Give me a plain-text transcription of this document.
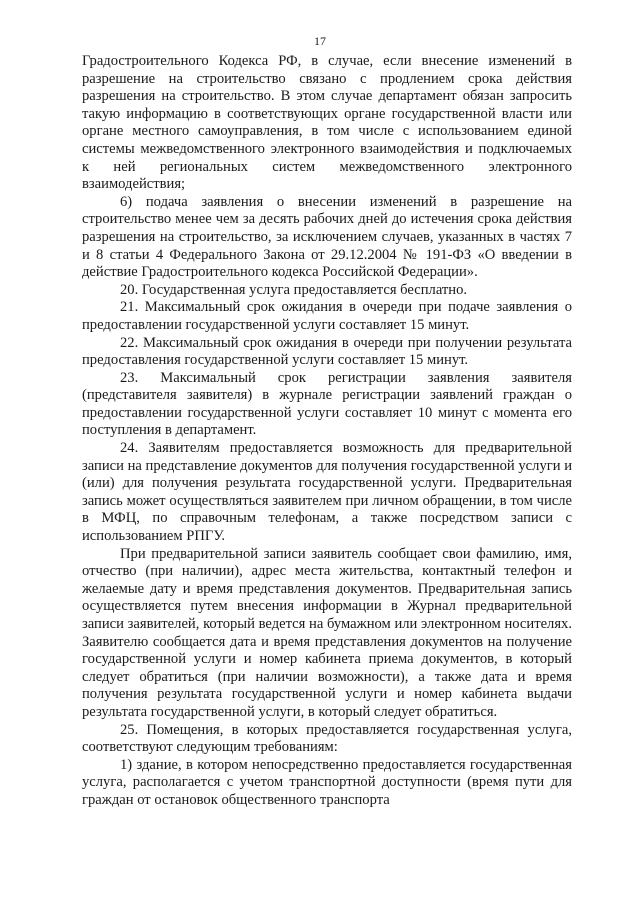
17

Градостроительного Кодекса РФ, в случае, если внесение изменений в разрешение на строительство связано с продлением срока действия разрешения на строительство. В этом случае департамент обязан запросить такую информацию в соответствующих органе государственной власти или органе местного самоуправления, в том числе с использованием единой системы межведомственного электронного взаимодействия и подключаемых к ней региональных систем межведомственного электронного взаимодействия;

6) подача заявления о внесении изменений в разрешение на строительство менее чем за десять рабочих дней до истечения срока действия разрешения на строительство, за исключением случаев, указанных в частях 7 и 8 статьи 4 Федерального Закона от 29.12.2004 № 191-ФЗ «О введении в действие Градостроительного кодекса Российской Федерации».

20. Государственная услуга предоставляется бесплатно.

21. Максимальный срок ожидания в очереди при подаче заявления о предоставлении государственной услуги составляет 15 минут.

22. Максимальный срок ожидания в очереди при получении результата предоставления государственной услуги составляет 15 минут.

23. Максимальный срок регистрации заявления заявителя (представителя заявителя) в журнале регистрации заявлений граждан о предоставлении государственной услуги составляет 10 минут с момента его поступления в департамент.

24. Заявителям предоставляется возможность для предварительной записи на представление документов для получения государственной услуги и (или) для получения результата государственной услуги. Предварительная запись может осуществляться заявителем при личном обращении, в том числе в МФЦ, по справочным телефонам, а также посредством записи с использованием РПГУ.

При предварительной записи заявитель сообщает свои фамилию, имя, отчество (при наличии), адрес места жительства, контактный телефон и желаемые дату и время представления документов. Предварительная запись осуществляется путем внесения информации в Журнал предварительной записи заявителей, который ведется на бумажном или электронном носителях. Заявителю сообщается дата и время представления документов на получение государственной услуги и номер кабинета приема документов, в который следует обратиться (при наличии возможности), а также дата и время получения результата государственной услуги и номер кабинета выдачи результата государственной услуги, в который следует обратиться.

25. Помещения, в которых предоставляется государственная услуга, соответствуют следующим требованиям:

1) здание, в котором непосредственно предоставляется государственная услуга, располагается с учетом транспортной доступности (время пути для граждан от остановок общественного транспорта
